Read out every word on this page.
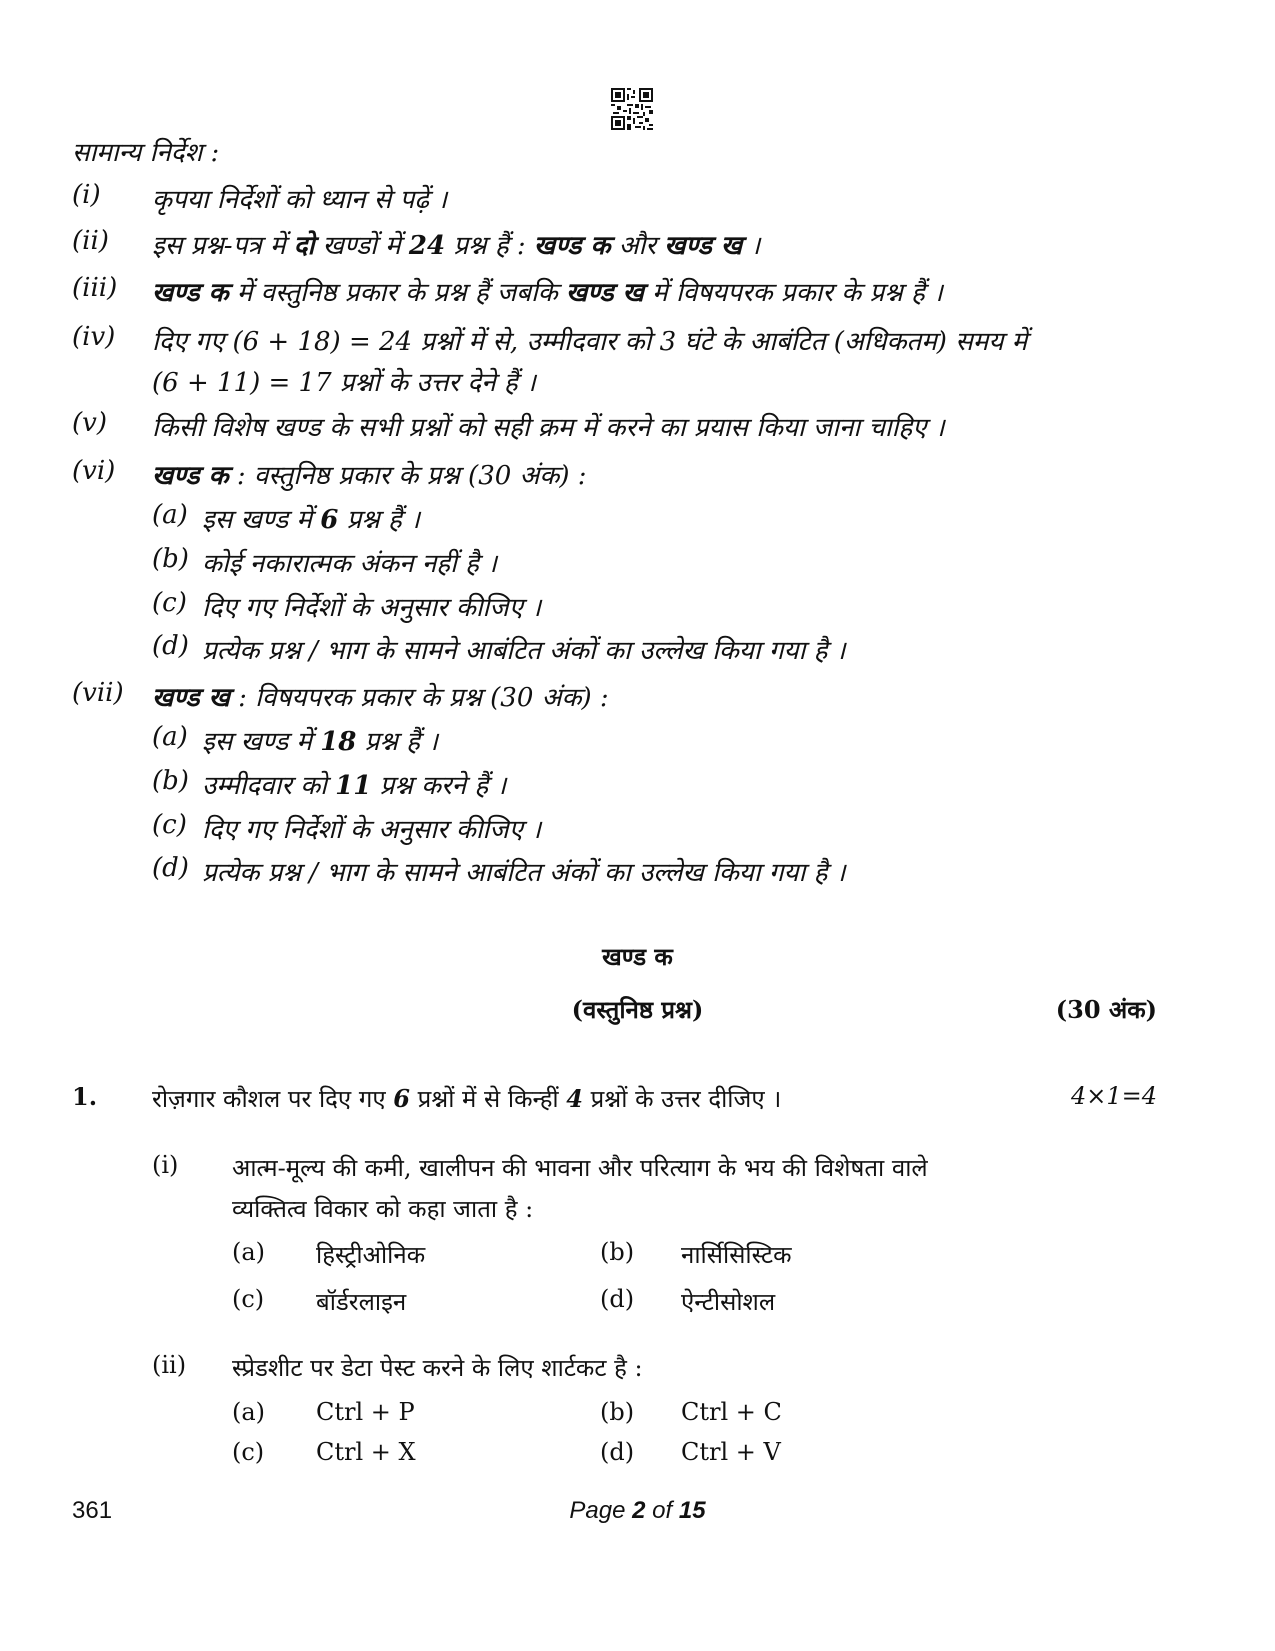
सामान्य निर्देश :
(i) कृपया निर्देशों को ध्यान से पढ़ें ।
(ii) इस प्रश्न-पत्र में दो खण्डों में 24 प्रश्न हैं : खण्ड क और खण्ड ख ।
(iii) खण्ड क में वस्तुनिष्ठ प्रकार के प्रश्न हैं जबकि खण्ड ख में विषयपरक प्रकार के प्रश्न हैं ।
(iv) दिए गए (6 + 18) = 24 प्रश्नों में से, उम्मीदवार को 3 घंटे के आबंटित (अधिकतम) समय में
(6 + 11) = 17 प्रश्नों के उत्तर देने हैं ।
(v) किसी विशेष खण्ड के सभी प्रश्नों को सही क्रम में करने का प्रयास किया जाना चाहिए ।
(vi) खण्ड क : वस्तुनिष्ठ प्रकार के प्रश्न (30 अंक) :
(a) इस खण्ड में 6 प्रश्न हैं ।
(b) कोई नकारात्मक अंकन नहीं है ।
(c) दिए गए निर्देशों के अनुसार कीजिए ।
(d) प्रत्येक प्रश्न / भाग के सामने आबंटित अंकों का उल्लेख किया गया है ।
(vii) खण्ड ख : विषयपरक प्रकार के प्रश्न (30 अंक) :
(a) इस खण्ड में 18 प्रश्न हैं ।
(b) उम्मीदवार को 11 प्रश्न करने हैं ।
(c) दिए गए निर्देशों के अनुसार कीजिए ।
(d) प्रत्येक प्रश्न / भाग के सामने आबंटित अंकों का उल्लेख किया गया है ।
खण्ड क
(वस्तुनिष्ठ प्रश्न)	(30 अंक)
1. रोज़गार कौशल पर दिए गए 6 प्रश्नों में से किन्हीं 4 प्रश्नों के उत्तर दीजिए ।	4×1=4
(i) आत्म-मूल्य की कमी, खालीपन की भावना और परित्याग के भय की विशेषता वाले
व्यक्तित्व विकार को कहा जाता है :
(a) हिस्ट्रीओनिक	(b) नार्सिसिस्टिक
(c) बॉर्डरलाइन	(d) ऐन्टीसोशल
(ii) स्प्रेडशीट पर डेटा पेस्ट करने के लिए शार्टकट है :
(a) Ctrl + P	(b) Ctrl + C
(c) Ctrl + X	(d) Ctrl + V
361	Page 2 of 15
